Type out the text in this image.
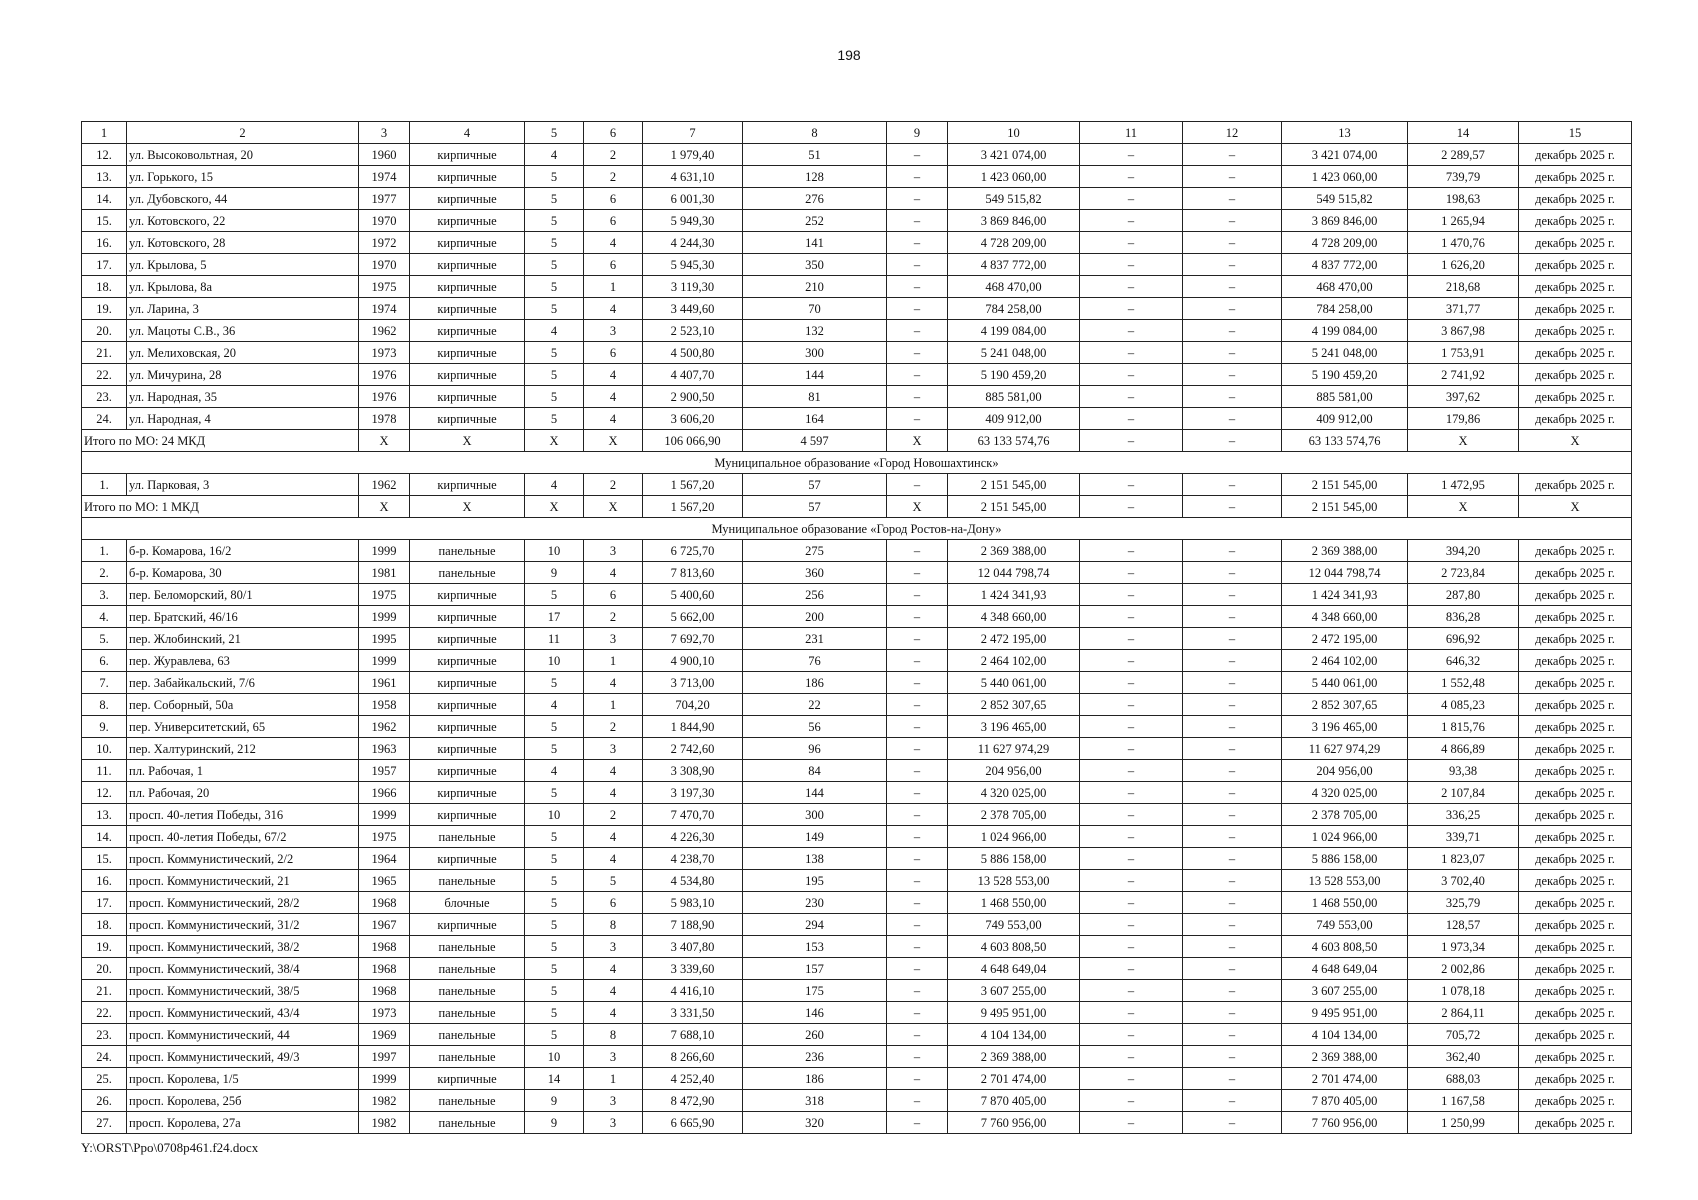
198
1	2	3	4	5	6	7	8	9	10	11	12	13	14	15
12.	ул. Высоковольтная, 20	1960	кирпичные	4	2	1 979,40	51	–	3 421 074,00	–	–	3 421 074,00	2 289,57	декабрь 2025 г.
13.	ул. Горького, 15	1974	кирпичные	5	2	4 631,10	128	–	1 423 060,00	–	–	1 423 060,00	739,79	декабрь 2025 г.
14.	ул. Дубовского, 44	1977	кирпичные	5	6	6 001,30	276	–	549 515,82	–	–	549 515,82	198,63	декабрь 2025 г.
15.	ул. Котовского, 22	1970	кирпичные	5	6	5 949,30	252	–	3 869 846,00	–	–	3 869 846,00	1 265,94	декабрь 2025 г.
16.	ул. Котовского, 28	1972	кирпичные	5	4	4 244,30	141	–	4 728 209,00	–	–	4 728 209,00	1 470,76	декабрь 2025 г.
17.	ул. Крылова, 5	1970	кирпичные	5	6	5 945,30	350	–	4 837 772,00	–	–	4 837 772,00	1 626,20	декабрь 2025 г.
18.	ул. Крылова, 8а	1975	кирпичные	5	1	3 119,30	210	–	468 470,00	–	–	468 470,00	218,68	декабрь 2025 г.
19.	ул. Ларина, 3	1974	кирпичные	5	4	3 449,60	70	–	784 258,00	–	–	784 258,00	371,77	декабрь 2025 г.
20.	ул. Мацоты С.В., 36	1962	кирпичные	4	3	2 523,10	132	–	4 199 084,00	–	–	4 199 084,00	3 867,98	декабрь 2025 г.
21.	ул. Мелиховская, 20	1973	кирпичные	5	6	4 500,80	300	–	5 241 048,00	–	–	5 241 048,00	1 753,91	декабрь 2025 г.
22.	ул. Мичурина, 28	1976	кирпичные	5	4	4 407,70	144	–	5 190 459,20	–	–	5 190 459,20	2 741,92	декабрь 2025 г.
23.	ул. Народная, 35	1976	кирпичные	5	4	2 900,50	81	–	885 581,00	–	–	885 581,00	397,62	декабрь 2025 г.
24.	ул. Народная, 4	1978	кирпичные	5	4	3 606,20	164	–	409 912,00	–	–	409 912,00	179,86	декабрь 2025 г.
Итого по МО: 24 МКД		X	X	X	X	106 066,90	4 597	X	63 133 574,76	–	–	63 133 574,76	X	X
Муниципальное образование «Город Новошахтинск»														
1.	ул. Парковая, 3	1962	кирпичные	4	2	1 567,20	57	–	2 151 545,00	–	–	2 151 545,00	1 472,95	декабрь 2025 г.
Итого по МО: 1 МКД		X	X	X	X	1 567,20	57	X	2 151 545,00	–	–	2 151 545,00	X	X
Муниципальное образование «Город Ростов-на-Дону»														
1.	б-р. Комарова, 16/2	1999	панельные	10	3	6 725,70	275	–	2 369 388,00	–	–	2 369 388,00	394,20	декабрь 2025 г.
2.	б-р. Комарова, 30	1981	панельные	9	4	7 813,60	360	–	12 044 798,74	–	–	12 044 798,74	2 723,84	декабрь 2025 г.
3.	пер. Беломорский, 80/1	1975	кирпичные	5	6	5 400,60	256	–	1 424 341,93	–	–	1 424 341,93	287,80	декабрь 2025 г.
4.	пер. Братский, 46/16	1999	кирпичные	17	2	5 662,00	200	–	4 348 660,00	–	–	4 348 660,00	836,28	декабрь 2025 г.
5.	пер. Жлобинский, 21	1995	кирпичные	11	3	7 692,70	231	–	2 472 195,00	–	–	2 472 195,00	696,92	декабрь 2025 г.
6.	пер. Журавлева, 63	1999	кирпичные	10	1	4 900,10	76	–	2 464 102,00	–	–	2 464 102,00	646,32	декабрь 2025 г.
7.	пер. Забайкальский, 7/6	1961	кирпичные	5	4	3 713,00	186	–	5 440 061,00	–	–	5 440 061,00	1 552,48	декабрь 2025 г.
8.	пер. Соборный, 50а	1958	кирпичные	4	1	704,20	22	–	2 852 307,65	–	–	2 852 307,65	4 085,23	декабрь 2025 г.
9.	пер. Университетский, 65	1962	кирпичные	5	2	1 844,90	56	–	3 196 465,00	–	–	3 196 465,00	1 815,76	декабрь 2025 г.
10.	пер. Халтуринский, 212	1963	кирпичные	5	3	2 742,60	96	–	11 627 974,29	–	–	11 627 974,29	4 866,89	декабрь 2025 г.
11.	пл. Рабочая, 1	1957	кирпичные	4	4	3 308,90	84	–	204 956,00	–	–	204 956,00	93,38	декабрь 2025 г.
12.	пл. Рабочая, 20	1966	кирпичные	5	4	3 197,30	144	–	4 320 025,00	–	–	4 320 025,00	2 107,84	декабрь 2025 г.
13.	просп. 40-летия Победы, 316	1999	кирпичные	10	2	7 470,70	300	–	2 378 705,00	–	–	2 378 705,00	336,25	декабрь 2025 г.
14.	просп. 40-летия Победы, 67/2	1975	панельные	5	4	4 226,30	149	–	1 024 966,00	–	–	1 024 966,00	339,71	декабрь 2025 г.
15.	просп. Коммунистический, 2/2	1964	кирпичные	5	4	4 238,70	138	–	5 886 158,00	–	–	5 886 158,00	1 823,07	декабрь 2025 г.
16.	просп. Коммунистический, 21	1965	панельные	5	5	4 534,80	195	–	13 528 553,00	–	–	13 528 553,00	3 702,40	декабрь 2025 г.
17.	просп. Коммунистический, 28/2	1968	блочные	5	6	5 983,10	230	–	1 468 550,00	–	–	1 468 550,00	325,79	декабрь 2025 г.
18.	просп. Коммунистический, 31/2	1967	кирпичные	5	8	7 188,90	294	–	749 553,00	–	–	749 553,00	128,57	декабрь 2025 г.
19.	просп. Коммунистический, 38/2	1968	панельные	5	3	3 407,80	153	–	4 603 808,50	–	–	4 603 808,50	1 973,34	декабрь 2025 г.
20.	просп. Коммунистический, 38/4	1968	панельные	5	4	3 339,60	157	–	4 648 649,04	–	–	4 648 649,04	2 002,86	декабрь 2025 г.
21.	просп. Коммунистический, 38/5	1968	панельные	5	4	4 416,10	175	–	3 607 255,00	–	–	3 607 255,00	1 078,18	декабрь 2025 г.
22.	просп. Коммунистический, 43/4	1973	панельные	5	4	3 331,50	146	–	9 495 951,00	–	–	9 495 951,00	2 864,11	декабрь 2025 г.
23.	просп. Коммунистический, 44	1969	панельные	5	8	7 688,10	260	–	4 104 134,00	–	–	4 104 134,00	705,72	декабрь 2025 г.
24.	просп. Коммунистический, 49/3	1997	панельные	10	3	8 266,60	236	–	2 369 388,00	–	–	2 369 388,00	362,40	декабрь 2025 г.
25.	просп. Королева, 1/5	1999	кирпичные	14	1	4 252,40	186	–	2 701 474,00	–	–	2 701 474,00	688,03	декабрь 2025 г.
26.	просп. Королева, 25б	1982	панельные	9	3	8 472,90	318	–	7 870 405,00	–	–	7 870 405,00	1 167,58	декабрь 2025 г.
27.	просп. Королева, 27а	1982	панельные	9	3	6 665,90	320	–	7 760 956,00	–	–	7 760 956,00	1 250,99	декабрь 2025 г.
Y:\ORST\Ppo\0708p461.f24.docx
